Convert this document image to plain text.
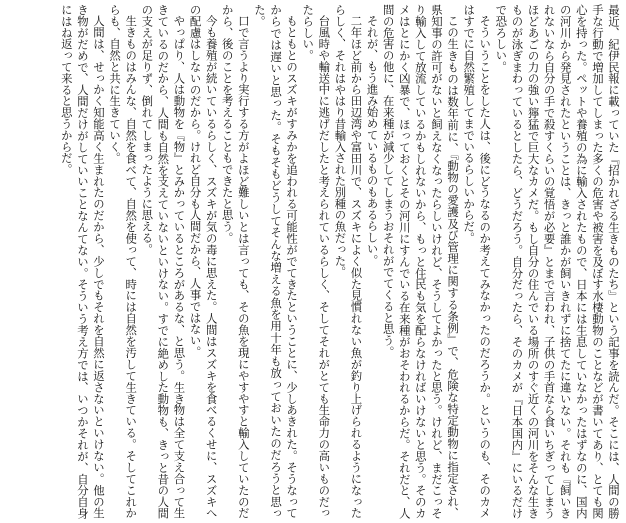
最近、紀伊民報に載っていた『招かれざる生きものたち』という記事を読んだ。そこには、人間の勝手な行動で増加してしまった多くの危害や被害を及ぼす水棲動物のことなどが書いてあり、とても関心を持った。ペットや養殖の為に輸入されたもので、日本には生息していなかったはずなのに、国内の河川から発見されたということは、きっと誰かが飼いきれずに捨てたに違いない。それも『飼いきれないなら自分の手で殺すくらいの覚悟が必要』とまで言われ、子供の手首なら食いちぎってしまうほどあごの力の強い獰猛で巨大なカメだ。もし自分の住んでいる場所のすぐ近くの河川をそんな生きものが泳ぎまわっているとしたら、どうだろう。自分だったら、そのカメが『日本国内』にいるだけで恐ろしい。

そういうことをした人は、後にどうなるのか考えてみなかったのだろうか。というのも、そのカメはすでに自然繁殖してまでいるらしいからだ。

この生きものは数年前に、『動物の愛護及び管理に関する条例』で、危険な特定動物に指定され、県知事の許可がないと飼えなくなったらしいけれど、そうしてよかったと思う。けれど、まだこっそり輸入して放流しているかもしれないから、もっと住民も気を配らなければいけないと思う。そのカメはとにかく凶暴で、ほっておくとその河川にすんでいる在来種がおそわれるからだ。それだと、人間の危害の他に、在来種が減少してしまうおそれがでてくると思う。

それが、もう進み始めているものもあるらしい。

二年ほど前から田辺湾や富田川で、スズキによく似た見慣れない魚が釣り上げられるようになったらしく、それはやはり昔輸入された別種の魚だった。

台風時や輸送中に逃げだしたと考えられているらしく、そしてそれがとても生命力の高いものだったらしい。

もともとのスズキがすみかを追われる可能性がでてきたということに、少しあきれた。そうなってからでは遅いと思った。そもそもどうしてそんな増える魚を用十年も放っておいたのだろうと思った。

口で言うより実行する方がよほど難しいとは言っても、その魚を現にやすやすと輸入していたのだから、後のことを考えることもできたと思う。

今も養殖が続いているらしく、スズキが気の毒に思えた。人間はスズキを食べるくせに、スズキへの配慮はしないのだから。けれど自分も人間だから、人事ではない。

やっぱり、人は動物を『物』とみかっているところがあるな、と思う。生き物は全て支え合って生きているのだから、人間も自然を支えていないといけない。すでに絶めした動物も、きっと昔の人間の支えが足りず、倒れてしまったように思える。

生きものはみんな、自然を食べて、自然を使って、時には自然を汚して生きている。そしてこれからも、自然と共に生きていく。

人間は、せっかく知能高く生まれたのだから、少しでもそれを自然に返さないといけない。他の生き物がだめで、人間だけがしていいことなんてない。そういう考え方では、いつかそれが、自分自身にはね返って来ると思うからだ。
